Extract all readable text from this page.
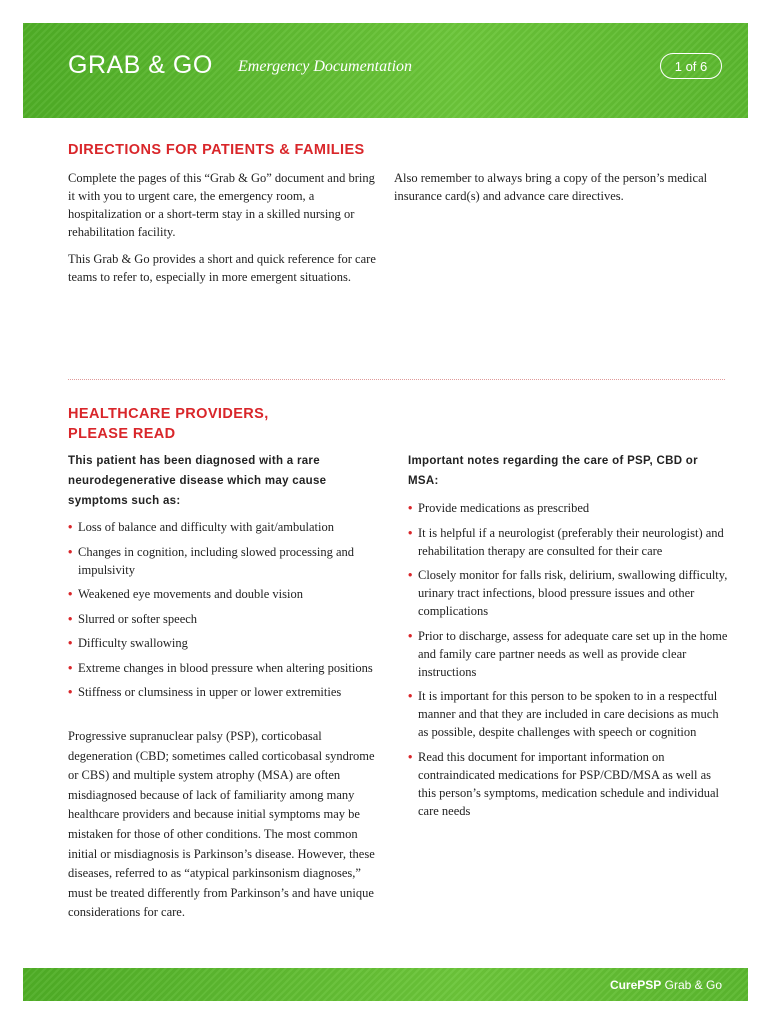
GRAB & GO Emergency Documentation	1 of 6
DIRECTIONS FOR PATIENTS & FAMILIES

Complete the pages of this “Grab & Go” document and bring it with you to urgent care, the emergency room, a hospitalization or a short-term stay in a skilled nursing or rehabilitation facility.

This Grab & Go provides a short and quick reference for care teams to refer to, especially in more emergent situations.

Also remember to always bring a copy of the person’s medical insurance card(s) and advance care directives.

HEALTHCARE PROVIDERS,
PLEASE READ

This patient has been diagnosed with a rare neurodegenerative disease which may cause symptoms such as:

• Loss of balance and difficulty with gait/ambulation
• Changes in cognition, including slowed processing and impulsivity
• Weakened eye movements and double vision
• Slurred or softer speech
• Difficulty swallowing
• Extreme changes in blood pressure when altering positions
• Stiffness or clumsiness in upper or lower extremities

Progressive supranuclear palsy (PSP), corticobasal degeneration (CBD; sometimes called corticobasal syndrome or CBS) and multiple system atrophy (MSA) are often misdiagnosed because of lack of familiarity among many healthcare providers and because initial symptoms may be mistaken for those of other conditions. The most common initial or misdiagnosis is Parkinson’s disease. However, these diseases, referred to as “atypical parkinsonism diagnoses,” must be treated differently from Parkinson’s and have unique considerations for care.

Important notes regarding the care of PSP, CBD or MSA:

• Provide medications as prescribed
• It is helpful if a neurologist (preferably their neurologist) and rehabilitation therapy are consulted for their care
• Closely monitor for falls risk, delirium, swallowing difficulty, urinary tract infections, blood pressure issues and other complications
• Prior to discharge, assess for adequate care set up in the home and family care partner needs as well as provide clear instructions
• It is important for this person to be spoken to in a respectful manner and that they are included in care decisions as much as possible, despite challenges with speech or cognition
• Read this document for important information on contraindicated medications for PSP/CBD/MSA as well as this person’s symptoms, medication schedule and individual care needs
CurePSP Grab & Go
